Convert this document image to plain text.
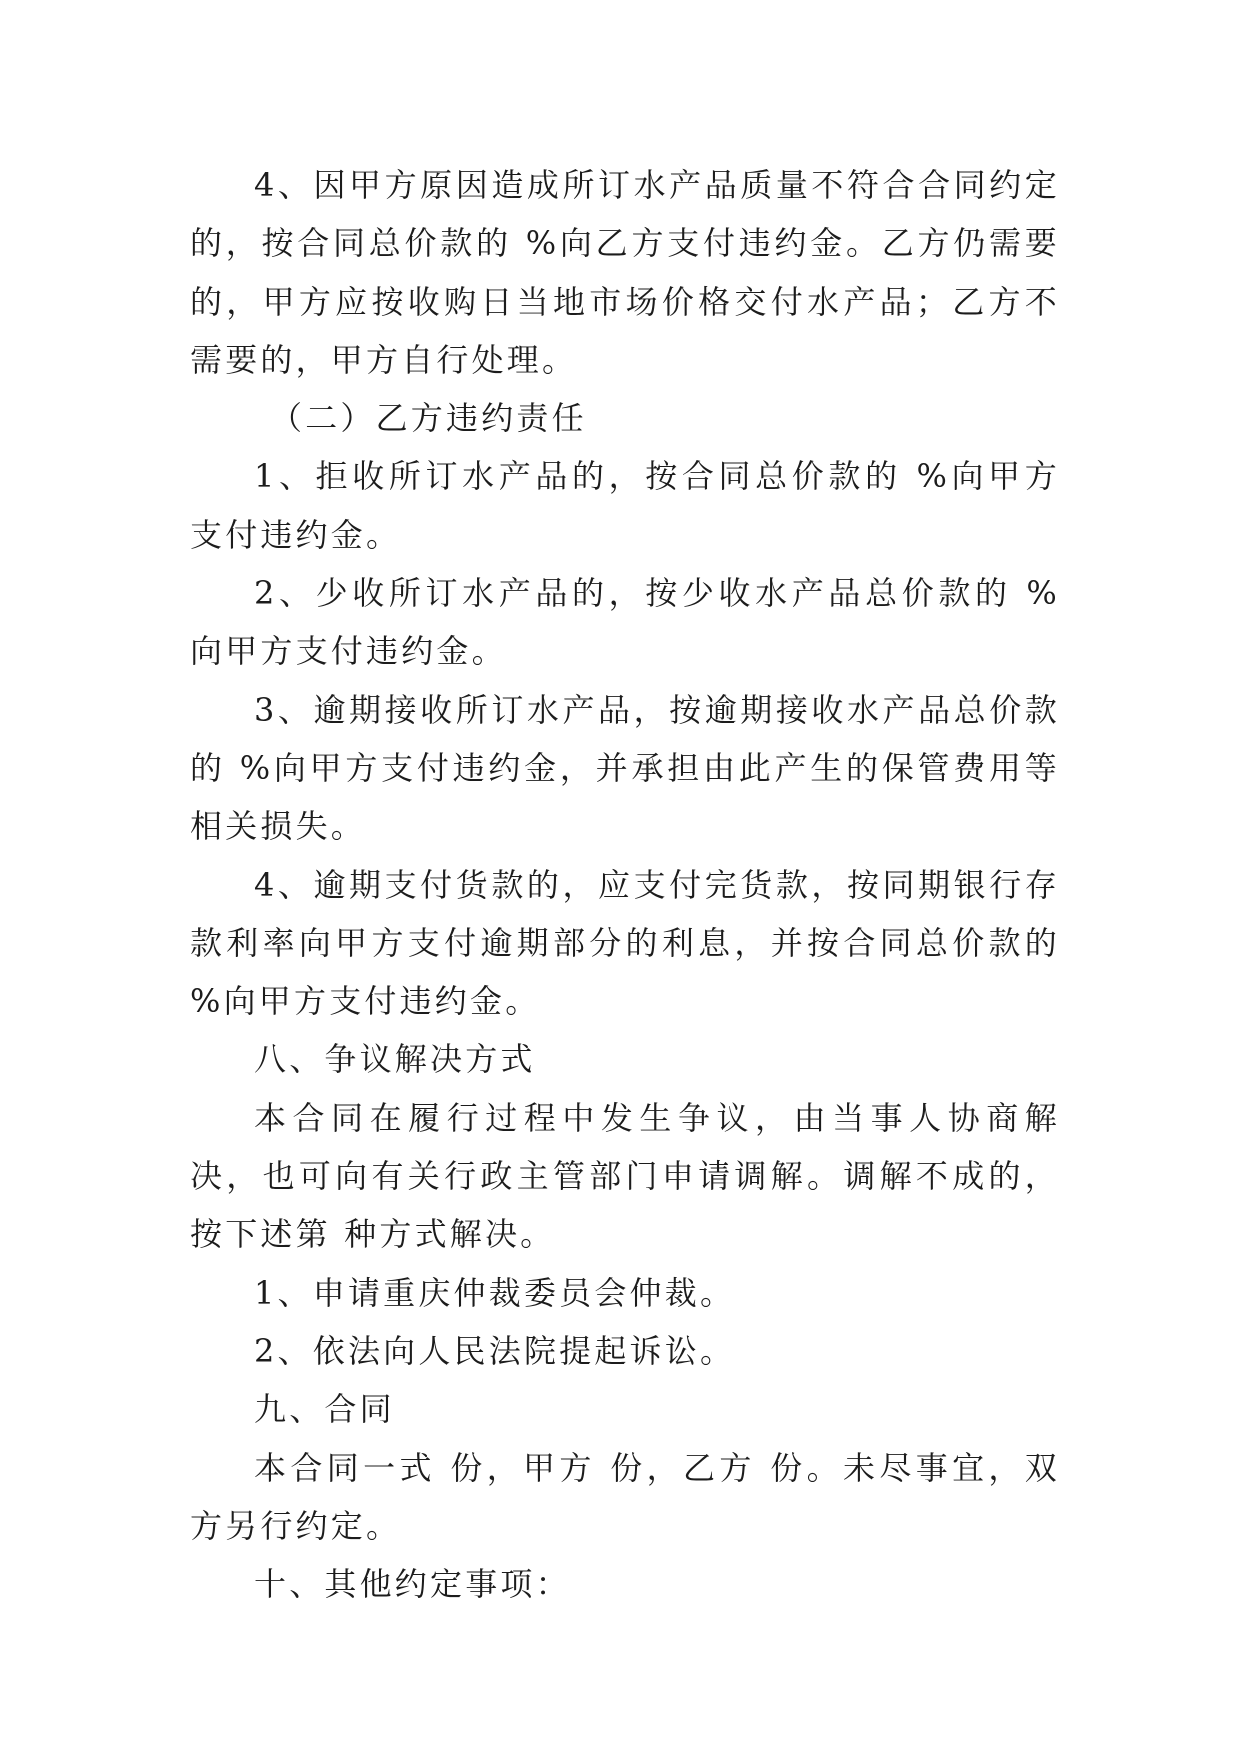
4、因甲方原因造成所订水产品质量不符合合同约定的，按合同总价款的 %向乙方支付违约金。乙方仍需要的，甲方应按收购日当地市场价格交付水产品；乙方不需要的，甲方自行处理。

（二）乙方违约责任

1、拒收所订水产品的，按合同总价款的 %向甲方支付违约金。

2、少收所订水产品的，按少收水产品总价款的 %向甲方支付违约金。

3、逾期接收所订水产品，按逾期接收水产品总价款的 %向甲方支付违约金，并承担由此产生的保管费用等相关损失。

4、逾期支付货款的，应支付完货款，按同期银行存款利率向甲方支付逾期部分的利息，并按合同总价款的 %向甲方支付违约金。

八、争议解决方式

本合同在履行过程中发生争议，由当事人协商解决，也可向有关行政主管部门申请调解。调解不成的，按下述第 种方式解决。

1、申请重庆仲裁委员会仲裁。

2、依法向人民法院提起诉讼。

九、合同

本合同一式 份，甲方 份，乙方 份。未尽事宜，双方另行约定。

十、其他约定事项：
